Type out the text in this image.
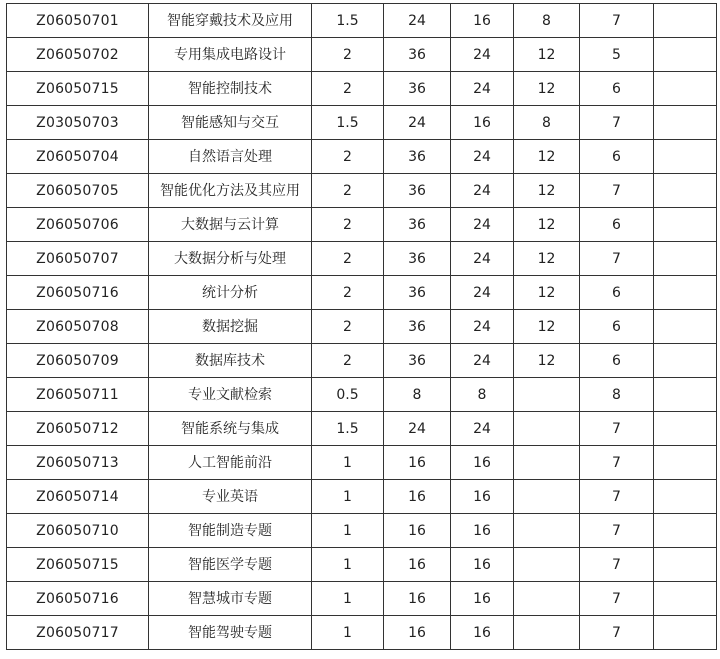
Z06050701	智能穿戴技术及应用	1.5	24	16	8	7	
Z06050702	专用集成电路设计	2	36	24	12	5	
Z06050715	智能控制技术	2	36	24	12	6	
Z03050703	智能感知与交互	1.5	24	16	8	7	
Z06050704	自然语言处理	2	36	24	12	6	
Z06050705	智能优化方法及其应用	2	36	24	12	7	
Z06050706	大数据与云计算	2	36	24	12	6	
Z06050707	大数据分析与处理	2	36	24	12	7	
Z06050716	统计分析	2	36	24	12	6	
Z06050708	数据挖掘	2	36	24	12	6	
Z06050709	数据库技术	2	36	24	12	6	
Z06050711	专业文献检索	0.5	8	8		8	
Z06050712	智能系统与集成	1.5	24	24		7	
Z06050713	人工智能前沿	1	16	16		7	
Z06050714	专业英语	1	16	16		7	
Z06050710	智能制造专题	1	16	16		7	
Z06050715	智能医学专题	1	16	16		7	
Z06050716	智慧城市专题	1	16	16		7	
Z06050717	智能驾驶专题	1	16	16		7	
